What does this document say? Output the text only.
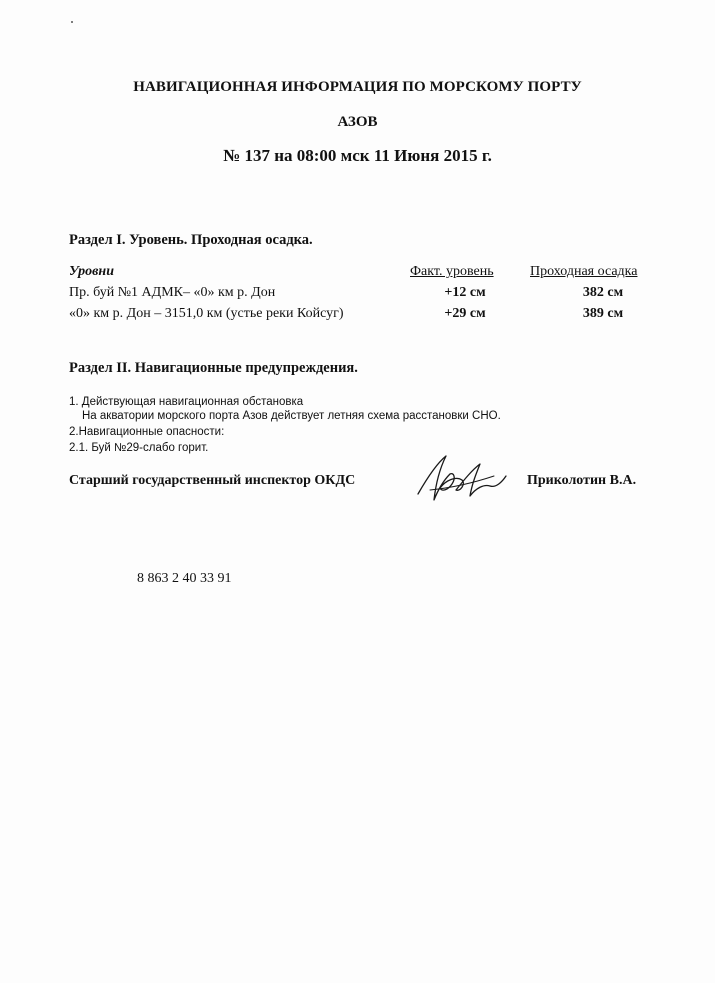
НАВИГАЦИОННАЯ ИНФОРМАЦИЯ ПО МОРСКОМУ ПОРТУ
АЗОВ
№ 137 на 08:00 мск 11 Июня 2015 г.
Раздел I. Уровень. Проходная осадка.
Уровни	Факт. уровень	Проходная осадка
Пр. буй №1 АДМК– «0» км р. Дон	+12 см	382 см
«0» км р. Дон – 3151,0 км (устье реки Койсуг)	+29 см	389 см
Раздел II. Навигационные предупреждения.
1. Действующая навигационная обстановка
На акватории морского порта Азов действует летняя схема расстановки СНО.
2.Навигационные опасности:
2.1. Буй №29-слабо горит.
Старший государственный инспектор ОКДС	Приколотин В.А.
8 863 2 40 33 91
